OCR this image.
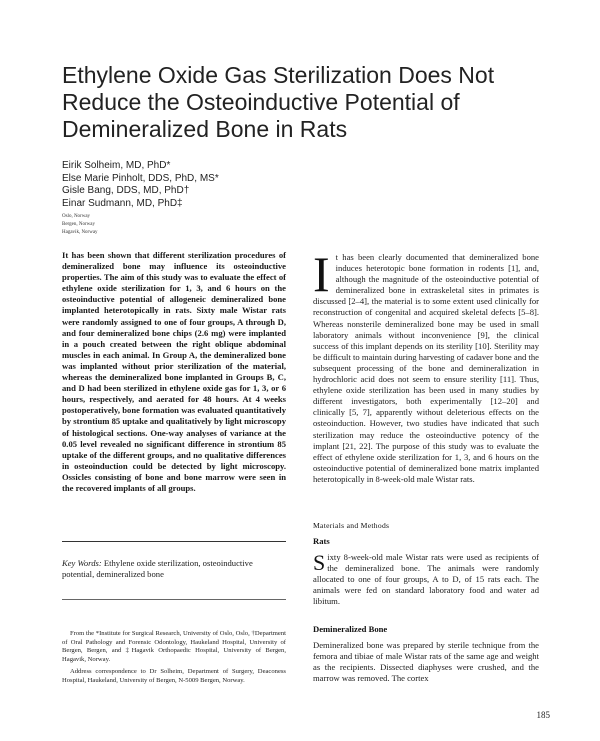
Ethylene Oxide Gas Sterilization Does Not
Reduce the Osteoinductive Potential of
Demineralized Bone in Rats
Eirik Solheim, MD, PhD*
Else Marie Pinholt, DDS, PhD, MS*
Gisle Bang, DDS, MD, PhD†
Einar Sudmann, MD, PhD‡
Oslo, Norway
Bergen, Norway
Hagavik, Norway

It has been shown that different sterilization procedures of demineralized bone may influence its osteoinductive properties. The aim of this study was to evaluate the effect of ethylene oxide sterilization for 1, 3, and 6 hours on the osteoinductive potential of allogeneic demineralized bone implanted heterotopically in rats. Sixty male Wistar rats were randomly assigned to one of four groups, A through D, and four demineralized bone chips (2.6 mg) were implanted in a pouch created between the right oblique abdominal muscles in each animal. In Group A, the demineralized bone was implanted without prior sterilization of the material, whereas the demineralized bone implanted in Groups B, C, and D had been sterilized in ethylene oxide gas for 1, 3, or 6 hours, respectively, and aerated for 48 hours. At 4 weeks postoperatively, bone formation was evaluated quantitatively by strontium 85 uptake and qualitatively by light microscopy of histological sections. One-way analyses of variance at the 0.05 level revealed no significant difference in strontium 85 uptake of the different groups, and no qualitative differences in osteoinduction could be detected by light microscopy. Ossicles consisting of bone and bone marrow were seen in the recovered implants of all groups.

Key Words: Ethylene oxide sterilization, osteoinductive potential, demineralized bone

From the *Institute for Surgical Research, University of Oslo, Oslo, †Department of Oral Pathology and Forensic Odontology, Haukeland Hospital, University of Bergen, Bergen, and ‡Hagavik Orthopaedic Hospital, University of Bergen, Hagavik, Norway.

Address correspondence to Dr Solheim, Department of Surgery, Deaconess Hospital, Haukeland, University of Bergen, N-5009 Bergen, Norway.

I t has been clearly documented that demineralized bone induces heterotopic bone formation in rodents [1], and, although the magnitude of the osteoinductive potential of demineralized bone in extraskeletal sites in primates is discussed [2–4], the material is to some extent used clinically for reconstruction of congenital and acquired skeletal defects [5–8]. Whereas nonsterile demineralized bone may be used in small laboratory animals without inconvenience [9], the clinical success of this implant depends on its sterility [10]. Sterility may be difficult to maintain during harvesting of cadaver bone and the subsequent processing of the bone and demineralization in hydrochloric acid does not seem to ensure sterility [11]. Thus, ethylene oxide sterilization has been used in many studies by different investigators, both experimentally [12–20] and clinically [5, 7], apparently without deleterious effects on the osteoinduction. However, two studies have indicated that such sterilization may reduce the osteoinductive potency of the implant [21, 22]. The purpose of this study was to evaluate the effect of ethylene oxide sterilization for 1, 3, and 6 hours on the osteoinductive potential of demineralized bone matrix implanted heterotopically in 8-week-old male Wistar rats.

Materials and Methods
Rats
S ixty 8-week-old male Wistar rats were used as recipients of the demineralized bone. The animals were randomly allocated to one of four groups, A to D, of 15 rats each. The animals were fed on standard laboratory food and water ad libitum.
Demineralized Bone
Demineralized bone was prepared by sterile technique from the femora and tibiae of male Wistar rats of the same age and weight as the recipients. Dissected diaphyses were crushed, and the marrow was removed. The cortex
185
